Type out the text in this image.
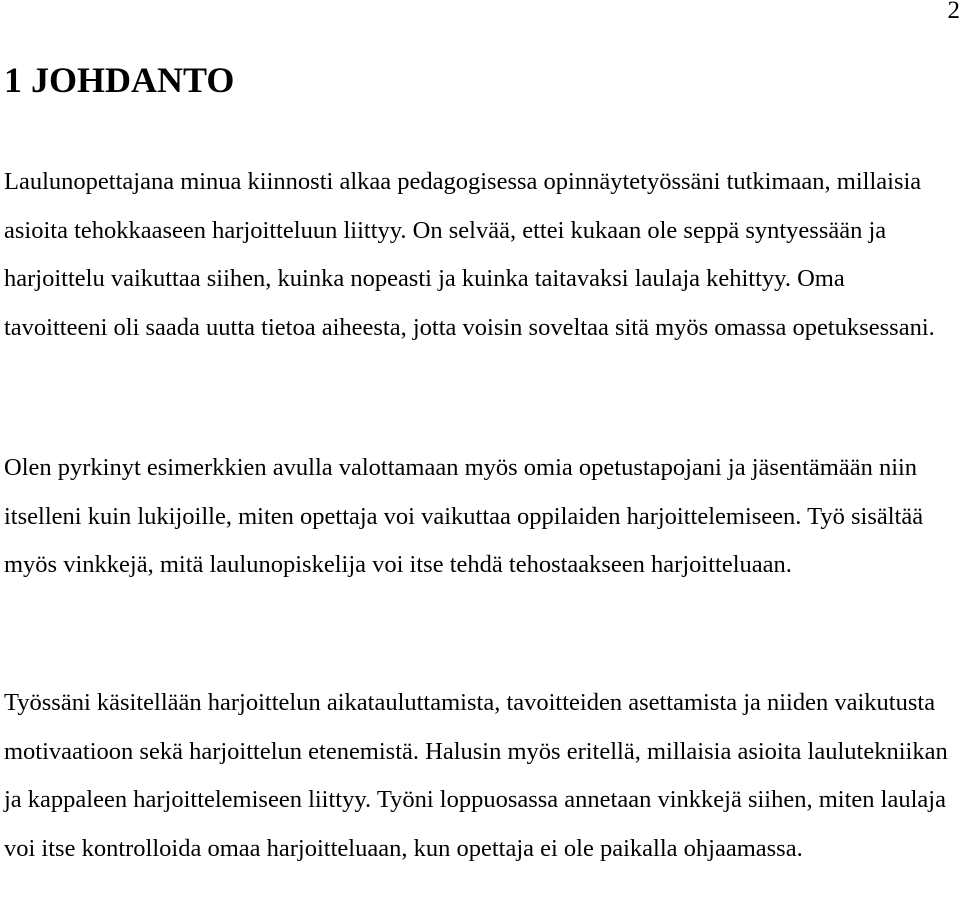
2
1 JOHDANTO

Laulunopettajana minua kiinnosti alkaa pedagogisessa opinnäytetyössäni tutkimaan, millaisia asioita tehokkaaseen harjoitteluun liittyy. On selvää, ettei kukaan ole seppä syntyessään ja harjoittelu vaikuttaa siihen, kuinka nopeasti ja kuinka taitavaksi laulaja kehittyy. Oma tavoitteeni oli saada uutta tietoa aiheesta, jotta voisin soveltaa sitä myös omassa opetuksessani.

Olen pyrkinyt esimerkkien avulla valottamaan myös omia opetustapojani ja jäsentämään niin itselleni kuin lukijoille, miten opettaja voi vaikuttaa oppilaiden harjoittelemiseen. Työ sisältää myös vinkkejä, mitä laulunopiskelija voi itse tehdä tehostaakseen harjoitteluaan.

Työssäni käsitellään harjoittelun aikatauluttamista, tavoitteiden asettamista ja niiden vaikutusta motivaatioon sekä harjoittelun etenemistä. Halusin myös eritellä, millaisia asioita laulutekniikan ja kappaleen harjoittelemiseen liittyy. Työni loppuosassa annetaan vinkkejä siihen, miten laulaja voi itse kontrolloida omaa harjoitteluaan, kun opettaja ei ole paikalla ohjaamassa.
